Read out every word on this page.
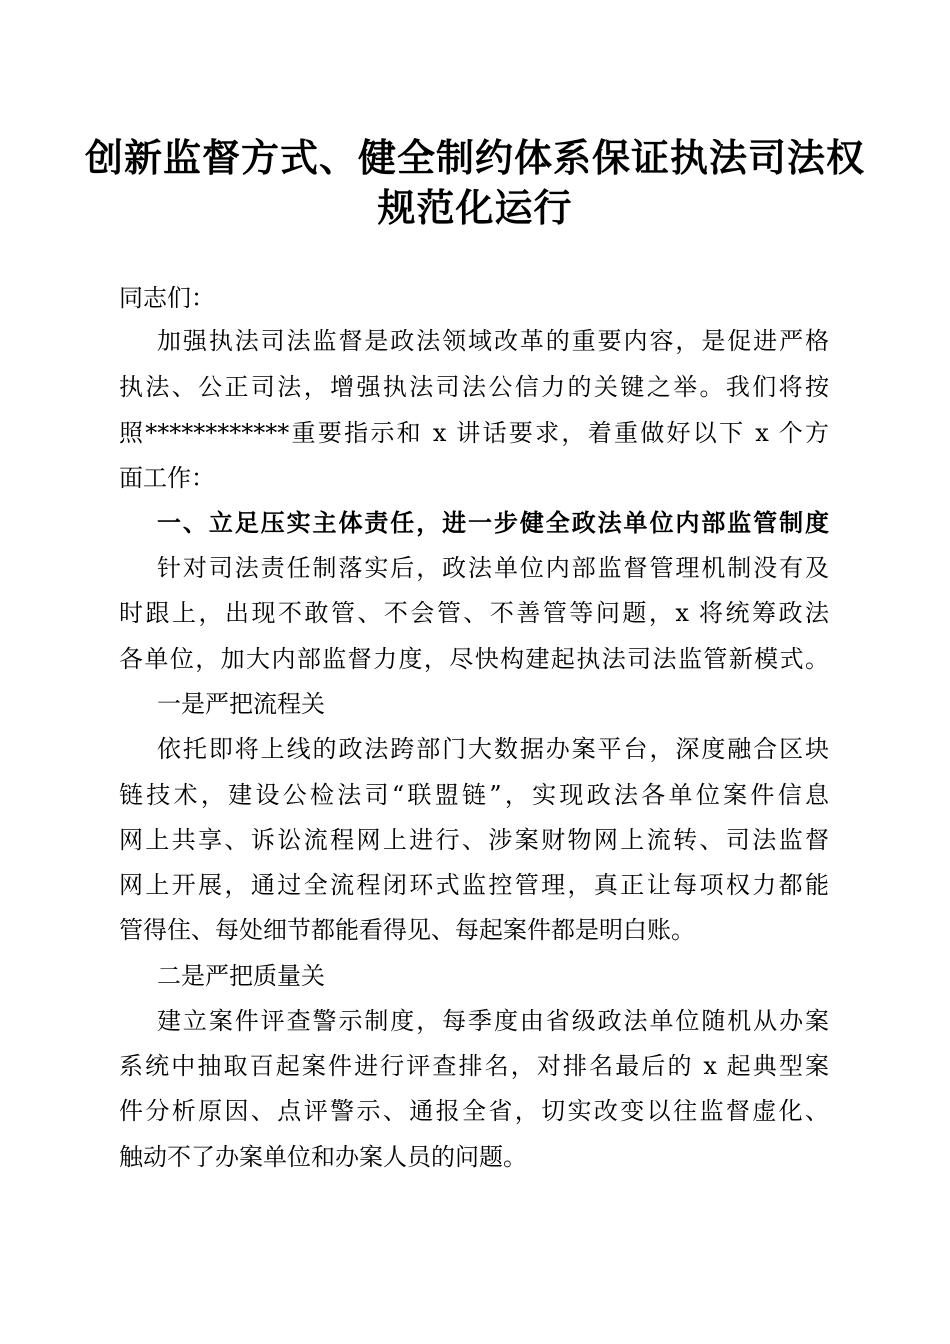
创新监督方式、健全制约体系保证执法司法权
规范化运行
同志们：
加强执法司法监督是政法领域改革的重要内容，是促进严格
执法、公正司法，增强执法司法公信力的关键之举。我们将按
照************重要指示和 x 讲话要求，着重做好以下 x 个方
面工作：
一、立足压实主体责任，进一步健全政法单位内部监管制度
针对司法责任制落实后，政法单位内部监督管理机制没有及
时跟上，出现不敢管、不会管、不善管等问题，x 将统筹政法
各单位，加大内部监督力度，尽快构建起执法司法监管新模式。
一是严把流程关
依托即将上线的政法跨部门大数据办案平台，深度融合区块
链技术，建设公检法司“联盟链”，实现政法各单位案件信息
网上共享、诉讼流程网上进行、涉案财物网上流转、司法监督
网上开展，通过全流程闭环式监控管理，真正让每项权力都能
管得住、每处细节都能看得见、每起案件都是明白账。
二是严把质量关
建立案件评查警示制度，每季度由省级政法单位随机从办案
系统中抽取百起案件进行评查排名，对排名最后的 x 起典型案
件分析原因、点评警示、通报全省，切实改变以往监督虚化、
触动不了办案单位和办案人员的问题。
